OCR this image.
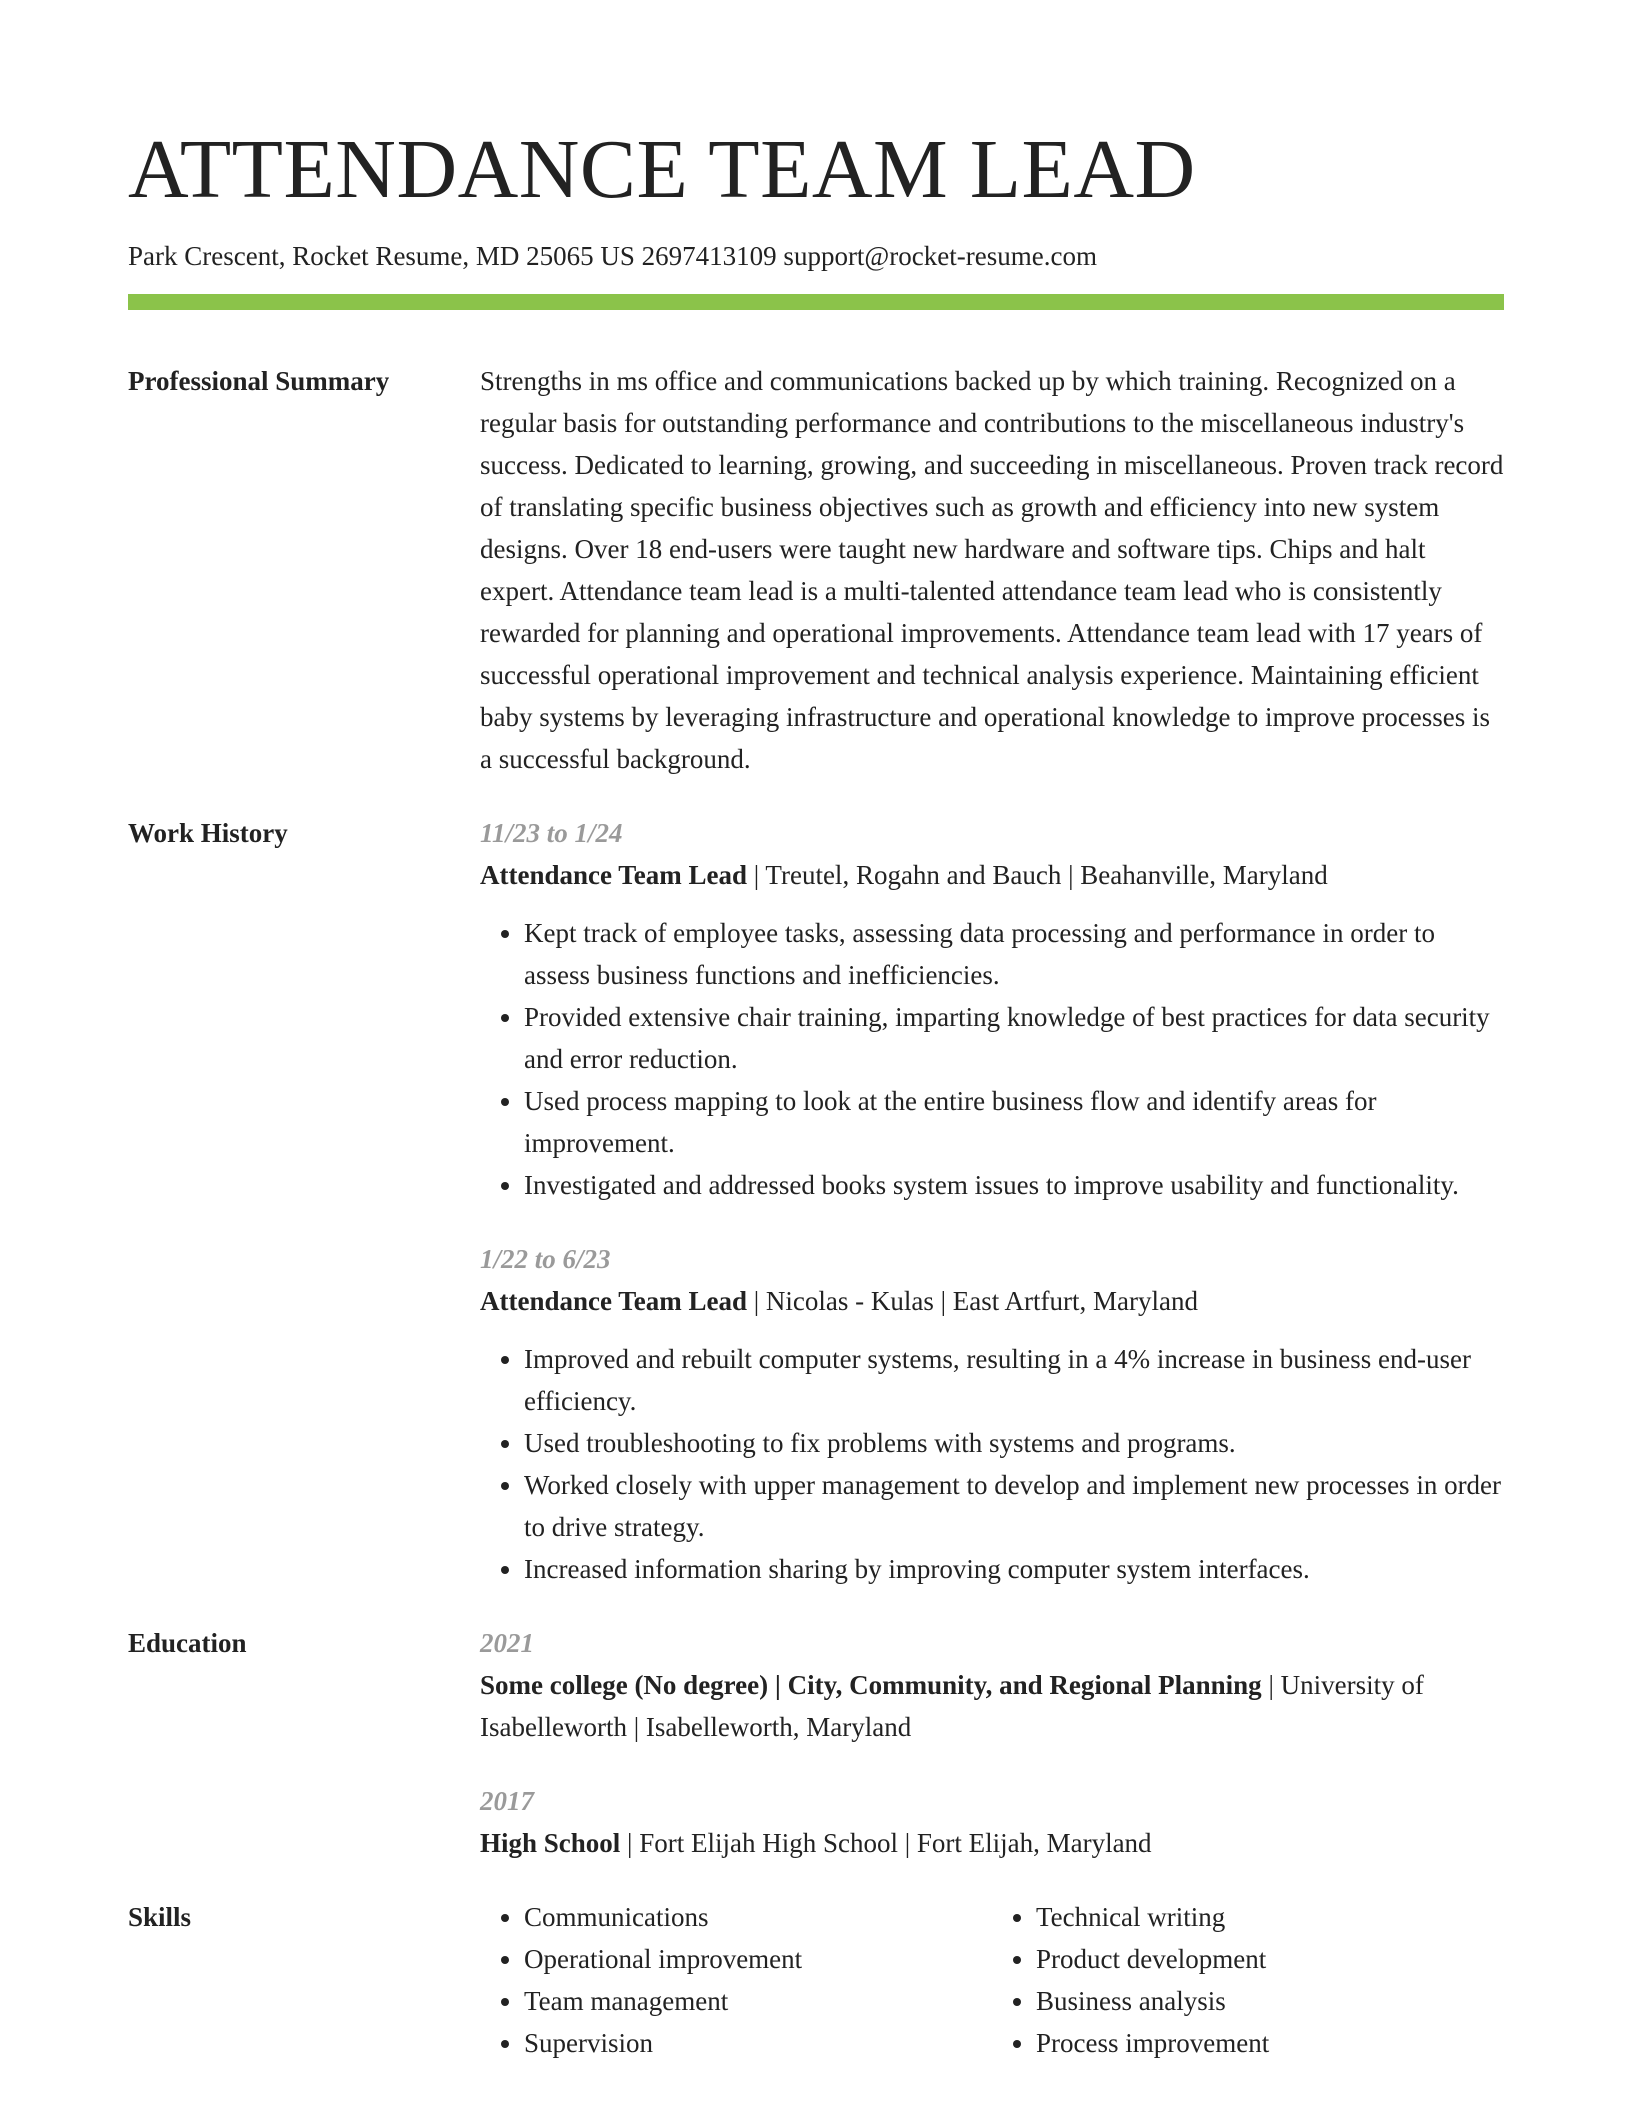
ATTENDANCE TEAM LEAD
Park Crescent, Rocket Resume, MD 25065 US 2697413109 support@rocket-resume.com
Professional Summary	Strengths in ms office and communications backed up by which training. Recognized on a regular basis for outstanding performance and contributions to the miscellaneous industry's success. Dedicated to learning, growing, and succeeding in miscellaneous. Proven track record of translating specific business objectives such as growth and efficiency into new system designs. Over 18 end-users were taught new hardware and software tips. Chips and halt expert. Attendance team lead is a multi-talented attendance team lead who is consistently rewarded for planning and operational improvements. Attendance team lead with 17 years of successful operational improvement and technical analysis experience. Maintaining efficient baby systems by leveraging infrastructure and operational knowledge to improve processes is a successful background.
Work History	11/23 to 1/24
Attendance Team Lead | Treutel, Rogahn and Bauch | Beahanville, Maryland
• Kept track of employee tasks, assessing data processing and performance in order to assess business functions and inefficiencies.
• Provided extensive chair training, imparting knowledge of best practices for data security and error reduction.
• Used process mapping to look at the entire business flow and identify areas for improvement.
• Investigated and addressed books system issues to improve usability and functionality.
1/22 to 6/23
Attendance Team Lead | Nicolas - Kulas | East Artfurt, Maryland
• Improved and rebuilt computer systems, resulting in a 4% increase in business end-user efficiency.
• Used troubleshooting to fix problems with systems and programs.
• Worked closely with upper management to develop and implement new processes in order to drive strategy.
• Increased information sharing by improving computer system interfaces.
Education	2021
Some college (No degree) | City, Community, and Regional Planning | University of Isabelleworth | Isabelleworth, Maryland
2017
High School | Fort Elijah High School | Fort Elijah, Maryland
Skills
•	Communications
• Operational improvement
• Team management
• Supervision
• Technical writing
• Product development
• Business analysis
• Process improvement
